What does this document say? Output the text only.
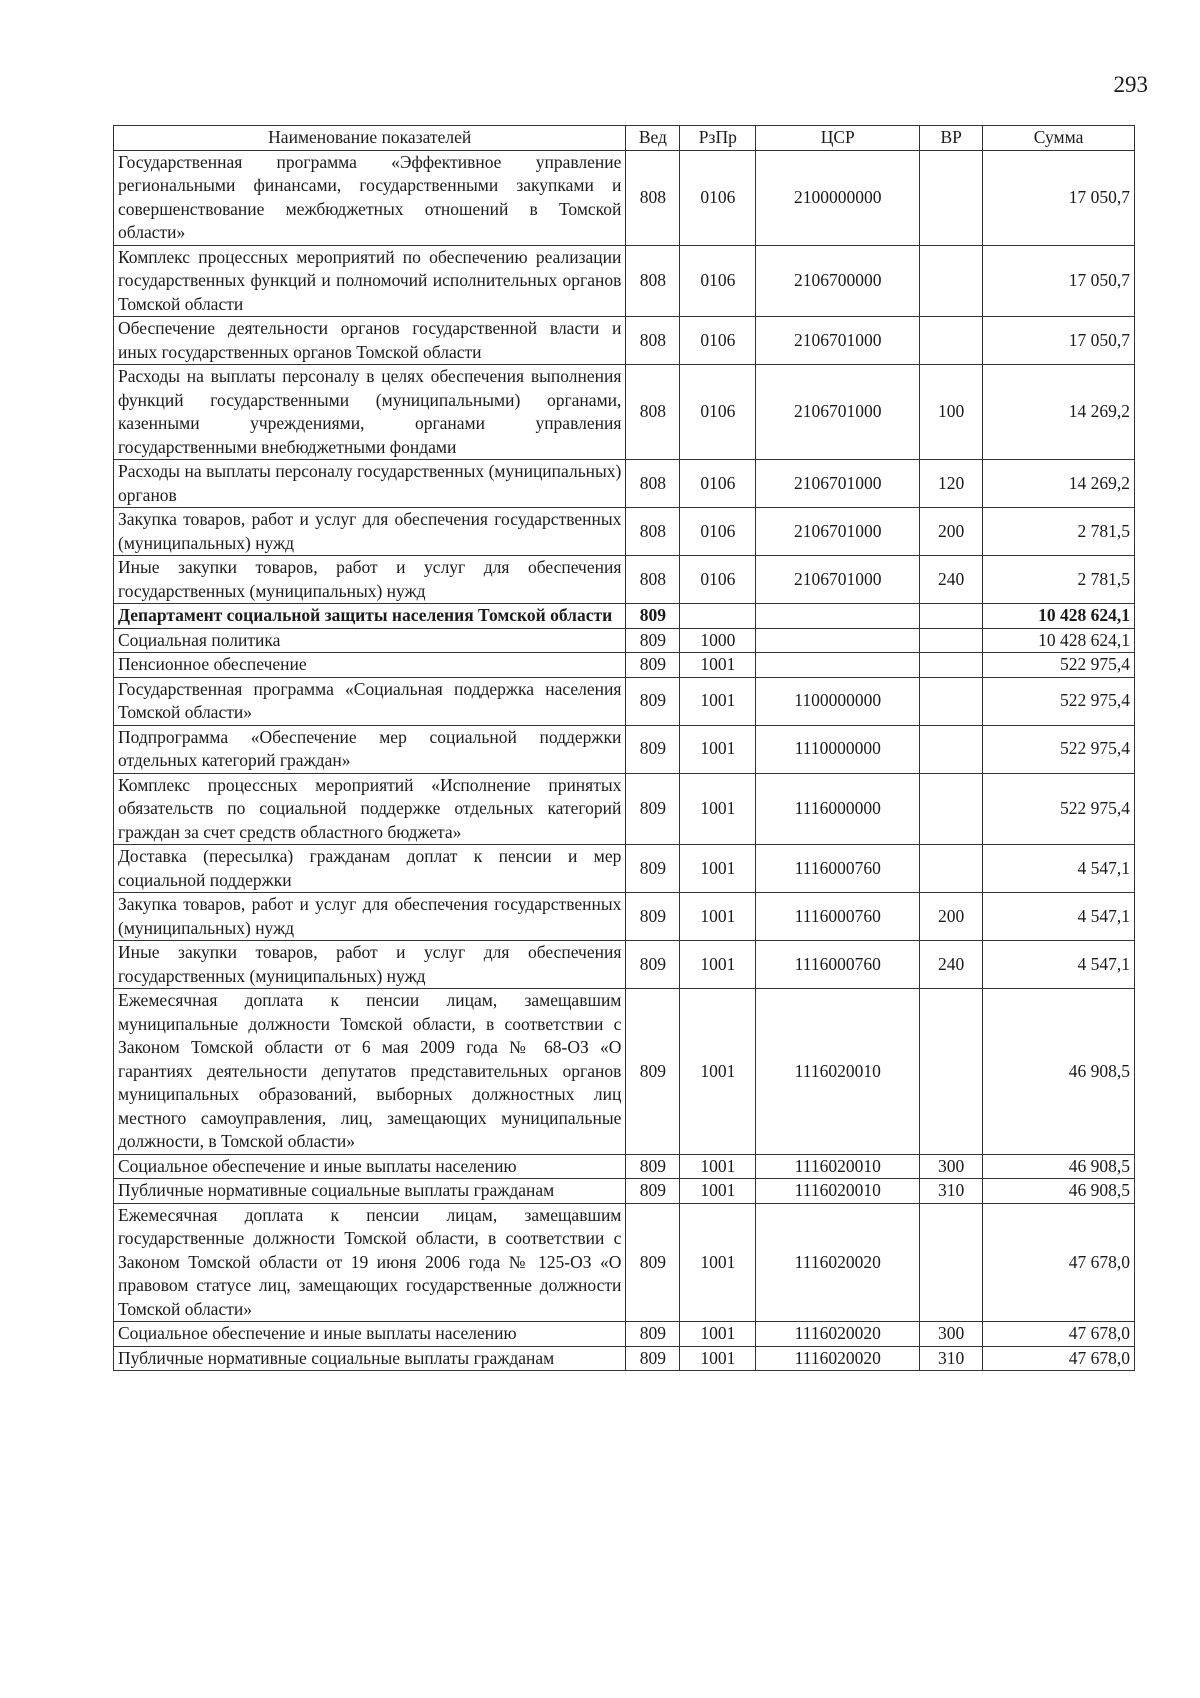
293
Наименование показателей	Вед	РзПр	ЦСР	ВР	Сумма
Государственная программа «Эффективное управление региональными финансами, государственными закупками и совершенствование межбюджетных отношений в Томской области»	808	0106	2100000000		17 050,7
Комплекс процессных мероприятий по обеспечению реализации государственных функций и полномочий исполнительных органов Томской области	808	0106	2106700000		17 050,7
Обеспечение деятельности органов государственной власти и иных государственных органов Томской области	808	0106	2106701000		17 050,7
Расходы на выплаты персоналу в целях обеспечения выполнения функций государственными (муниципальными) органами, казенными учреждениями, органами управления государственными внебюджетными фондами	808	0106	2106701000	100	14 269,2
Расходы на выплаты персоналу государственных (муниципальных) органов	808	0106	2106701000	120	14 269,2
Закупка товаров, работ и услуг для обеспечения государственных (муниципальных) нужд	808	0106	2106701000	200	2 781,5
Иные закупки товаров, работ и услуг для обеспечения государственных (муниципальных) нужд	808	0106	2106701000	240	2 781,5
Департамент социальной защиты населения Томской области	809				10 428 624,1
Социальная политика	809	1000			10 428 624,1
Пенсионное обеспечение	809	1001			522 975,4
Государственная программа «Социальная поддержка населения Томской области»	809	1001	1100000000		522 975,4
Подпрограмма «Обеспечение мер социальной поддержки отдельных категорий граждан»	809	1001	1110000000		522 975,4
Комплекс процессных мероприятий «Исполнение принятых обязательств по социальной поддержке отдельных категорий граждан за счет средств областного бюджета»	809	1001	1116000000		522 975,4
Доставка (пересылка) гражданам доплат к пенсии и мер социальной поддержки	809	1001	1116000760		4 547,1
Закупка товаров, работ и услуг для обеспечения государственных (муниципальных) нужд	809	1001	1116000760	200	4 547,1
Иные закупки товаров, работ и услуг для обеспечения государственных (муниципальных) нужд	809	1001	1116000760	240	4 547,1
Ежемесячная доплата к пенсии лицам, замещавшим муниципальные должности Томской области, в соответствии с Законом Томской области от 6 мая 2009 года № 68-ОЗ «О гарантиях деятельности депутатов представительных органов муниципальных образований, выборных должностных лиц местного самоуправления, лиц, замещающих муниципальные должности, в Томской области»	809	1001	1116020010		46 908,5
Социальное обеспечение и иные выплаты населению	809	1001	1116020010	300	46 908,5
Публичные нормативные социальные выплаты гражданам	809	1001	1116020010	310	46 908,5
Ежемесячная доплата к пенсии лицам, замещавшим государственные должности Томской области, в соответствии с Законом Томской области от 19 июня 2006 года № 125-ОЗ «О правовом статусе лиц, замещающих государственные должности Томской области»	809	1001	1116020020		47 678,0
Социальное обеспечение и иные выплаты населению	809	1001	1116020020	300	47 678,0
Публичные нормативные социальные выплаты гражданам	809	1001	1116020020	310	47 678,0
